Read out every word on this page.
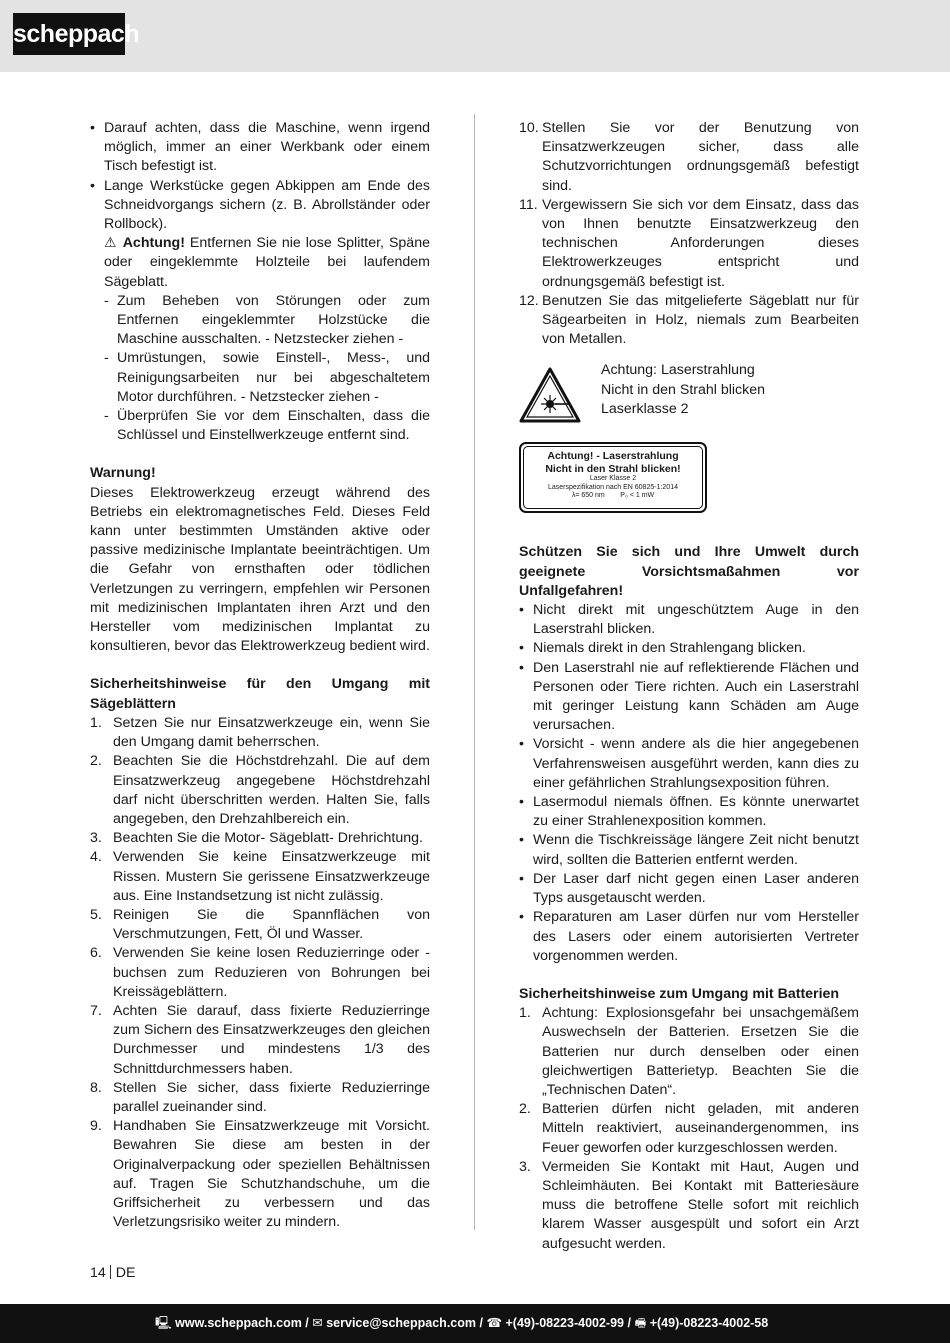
scheppach
• Darauf achten, dass die Maschine, wenn irgend möglich, immer an einer Werkbank oder einem Tisch befestigt ist.
• Lange Werkstücke gegen Abkippen am Ende des Schneidvorgangs sichern (z. B. Abrollständer oder Rollbock).

⚠ Achtung! Entfernen Sie nie lose Splitter, Späne oder eingeklemmte Holzteile bei laufendem Sägeblatt.

- Zum Beheben von Störungen oder zum Entfernen eingeklemmter Holzstücke die Maschine ausschalten. - Netzstecker ziehen -
- Umrüstungen, sowie Einstell-, Mess-, und Reinigungsarbeiten nur bei abgeschaltetem Motor durchführen. - Netzstecker ziehen -
- Überprüfen Sie vor dem Einschalten, dass die Schlüssel und Einstellwerkzeuge entfernt sind.

Warnung!

Dieses Elektrowerkzeug erzeugt während des Betriebs ein elektromagnetisches Feld. Dieses Feld kann unter bestimmten Umständen aktive oder passive medizinische Implantate beeinträchtigen. Um die Gefahr von ernsthaften oder tödlichen Verletzungen zu verringern, empfehlen wir Personen mit medizinischen Implantaten ihren Arzt und den Hersteller vom medizinischen Implantat zu konsultieren, bevor das Elektrowerkzeug bedient wird.

Sicherheitshinweise für den Umgang mit Sägeblättern

1. Setzen Sie nur Einsatzwerkzeuge ein, wenn Sie den Umgang damit beherrschen.
2. Beachten Sie die Höchstdrehzahl. Die auf dem Einsatzwerkzeug angegebene Höchstdrehzahl darf nicht überschritten werden. Halten Sie, falls angegeben, den Drehzahlbereich ein.
3. Beachten Sie die Motor- Sägeblatt- Drehrichtung.
4. Verwenden Sie keine Einsatzwerkzeuge mit Rissen. Mustern Sie gerissene Einsatzwerkzeuge aus. Eine Instandsetzung ist nicht zulässig.
5. Reinigen Sie die Spannflächen von Verschmutzungen, Fett, Öl und Wasser.
6. Verwenden Sie keine losen Reduzierringe oder -buchsen zum Reduzieren von Bohrungen bei Kreissägeblättern.
7. Achten Sie darauf, dass fixierte Reduzierringe zum Sichern des Einsatzwerkzeuges den gleichen Durchmesser und mindestens 1/3 des Schnittdurchmessers haben.
8. Stellen Sie sicher, dass fixierte Reduzierringe parallel zueinander sind.
9. Handhaben Sie Einsatzwerkzeuge mit Vorsicht. Bewahren Sie diese am besten in der Originalverpackung oder speziellen Behältnissen auf. Tragen Sie Schutzhandschuhe, um die Griffsicherheit zu verbessern und das Verletzungsrisiko weiter zu mindern.
10. Stellen Sie vor der Benutzung von Einsatzwerkzeugen sicher, dass alle Schutzvorrichtungen ordnungsgemäß befestigt sind.
11. Vergewissern Sie sich vor dem Einsatz, dass das von Ihnen benutzte Einsatzwerkzeug den technischen Anforderungen dieses Elektrowerkzeuges entspricht und ordnungsgemäß befestigt ist.
12. Benutzen Sie das mitgelieferte Sägeblatt nur für Sägearbeiten in Holz, niemals zum Bearbeiten von Metallen.
Achtung: Laserstrahlung
Nicht in den Strahl blicken
Laserklasse 2
Achtung! - Laserstrahlung
Nicht in den Strahl blicken!
Laser Klasse 2
Laserspezifikation nach EN 60825-1:2014
λ= 650 nm        P₀ < 1 mW

Schützen Sie sich und Ihre Umwelt durch geeignete Vorsichtsmaßahmen vor Unfallgefahren!

• Nicht direkt mit ungeschütztem Auge in den Laserstrahl blicken.
• Niemals direkt in den Strahlengang blicken.
• Den Laserstrahl nie auf reflektierende Flächen und Personen oder Tiere richten. Auch ein Laserstrahl mit geringer Leistung kann Schäden am Auge verursachen.
• Vorsicht - wenn andere als die hier angegebenen Verfahrensweisen ausgeführt werden, kann dies zu einer gefährlichen Strahlungsexposition führen.
• Lasermodul niemals öffnen. Es könnte unerwartet zu einer Strahlenexposition kommen.
• Wenn die Tischkreissäge längere Zeit nicht benutzt wird, sollten die Batterien entfernt werden.
• Der Laser darf nicht gegen einen Laser anderen Typs ausgetauscht werden.
• Reparaturen am Laser dürfen nur vom Hersteller des Lasers oder einem autorisierten Vertreter vorgenommen werden.

Sicherheitshinweise zum Umgang mit Batterien

1. Achtung: Explosionsgefahr bei unsachgemäßem Auswechseln der Batterien. Ersetzen Sie die Batterien nur durch denselben oder einen gleichwertigen Batterietyp. Beachten Sie die „Technischen Daten“.
2. Batterien dürfen nicht geladen, mit anderen Mitteln reaktiviert, auseinandergenommen, ins Feuer geworfen oder kurzgeschlossen werden.
3. Vermeiden Sie Kontakt mit Haut, Augen und Schleimhäuten. Bei Kontakt mit Batteriesäure muss die betroffene Stelle sofort mit reichlich klarem Wasser ausgespült und sofort ein Arzt aufgesucht werden.
14 DE
🖳 www.scheppach.com / ✉ service@scheppach.com / ☎ +(49)-08223-4002-99 / 🖷 +(49)-08223-4002-58
